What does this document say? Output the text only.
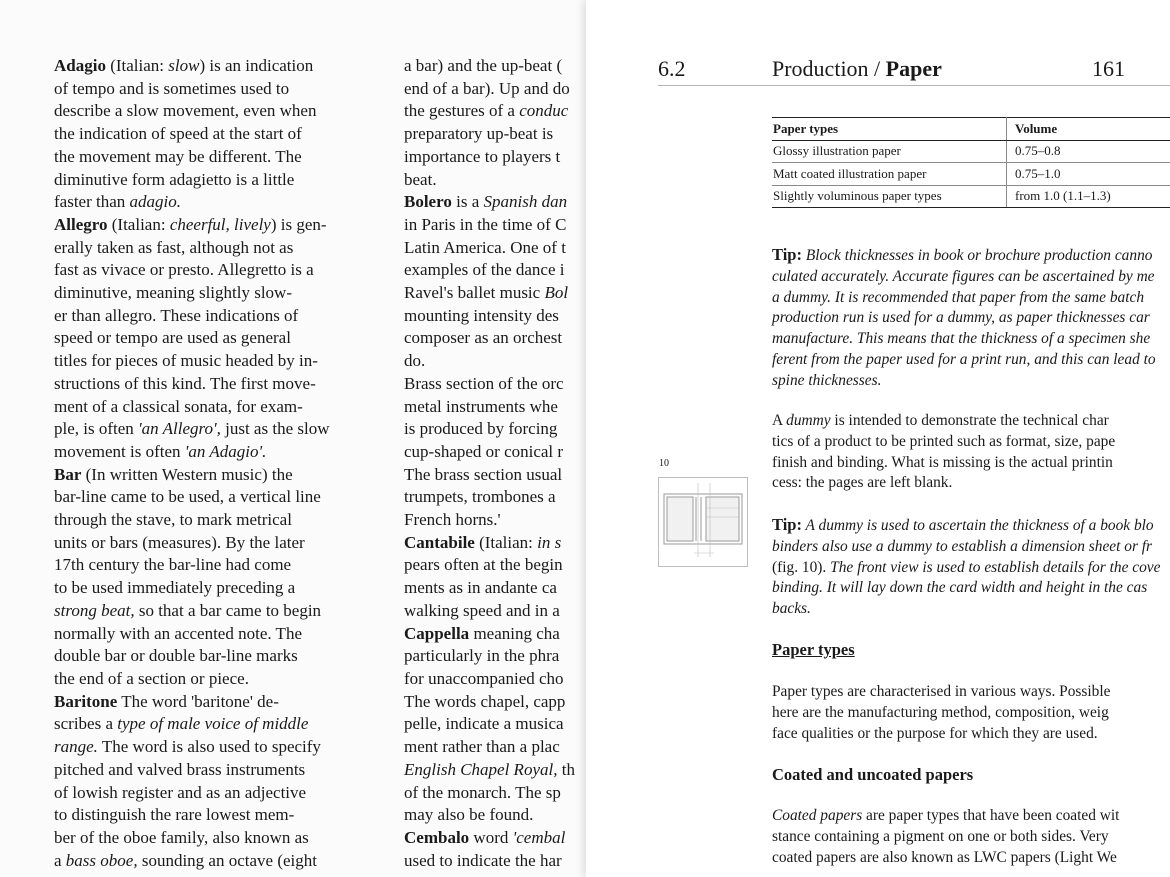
Adagio (Italian: slow) is an indication

of tempo and is sometimes used to

describe a slow movement, even when

the indication of speed at the start of

the movement may be different. The

diminutive form adagietto is a little

faster than adagio.

Allegro (Italian: cheerful, lively) is gen-

erally taken as fast, although not as

fast as vivace or presto. Allegretto is a

diminutive, meaning slightly slow-

er than allegro. These indications of

speed or tempo are used as general

titles for pieces of music headed by in-

structions of this kind. The first move-

ment of a classical sonata, for exam-

ple, is often 'an Allegro', just as the slow

movement is often 'an Adagio'.

Bar (In written Western music) the

bar-line came to be used, a vertical line

through the stave, to mark metrical

units or bars (measures). By the later

17th century the bar-line had come

to be used immediately preceding a

strong beat, so that a bar came to begin

normally with an accented note. The

double bar or double bar-line marks

the end of a section or piece.

Baritone The word 'baritone' de-

scribes a type of male voice of middle

range. The word is also used to specify

pitched and valved brass instruments

of lowish register and as an adjective

to distinguish the rare lowest mem-

ber of the oboe family, also known as

a bass oboe, sounding an octave (eight

a bar) and the up-beat (

end of a bar). Up and do

the gestures of a conduc

preparatory up-beat is

importance to players t

beat.

Bolero is a Spanish dan

in Paris in the time of C

Latin America. One of t

examples of the dance i

Ravel's ballet music Bol

mounting intensity des

composer as an orchest

do.

Brass section of the orc

metal instruments whe

is produced by forcing

cup-shaped or conical r

The brass section usual

trumpets, trombones a

French horns.'

Cantabile (Italian: in s

pears often at the begin

ments as in andante ca

walking speed and in a

Cappella meaning cha

particularly in the phra

for unaccompanied cho

The words chapel, capp

pelle, indicate a musica

ment rather than a plac

English Chapel Royal, th

of the monarch. The sp

may also be found.

Cembalo word 'cembal

used to indicate the har

6.2	Production / Paper	161
Paper types	Volume
Glossy illustration paper	0.75–0.8
Matt coated illustration paper	0.75–1.0
Slightly voluminous paper types	from 1.0 (1.1–1.3)

Tip: Block thicknesses in book or brochure production canno

culated accurately. Accurate figures can be ascertained by me

a dummy. It is recommended that paper from the same batch

production run is used for a dummy, as paper thicknesses car

manufacture. This means that the thickness of a specimen she

ferent from the paper used for a print run, and this can lead to

spine thicknesses.

A dummy is intended to demonstrate the technical char

tics of a product to be printed such as format, size, pape

finish and binding. What is missing is the actual printin

cess: the pages are left blank.

10

Tip: A dummy is used to ascertain the thickness of a book blo

binders also use a dummy to establish a dimension sheet or fr

(fig. 10). The front view is used to establish details for the cove

binding. It will lay down the card width and height in the cas

backs.

Paper types

Paper types are characterised in various ways. Possible

here are the manufacturing method, composition, weig

face qualities or the purpose for which they are used.

Coated and uncoated papers

Coated papers are paper types that have been coated wit

stance containing a pigment on one or both sides. Very

coated papers are also known as LWC papers (Light We
